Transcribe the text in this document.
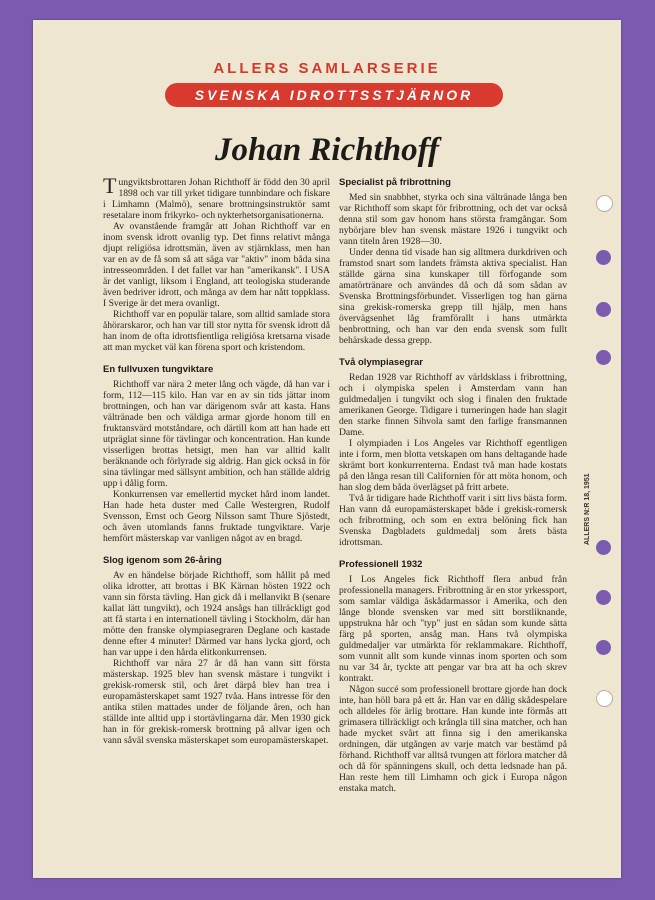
ALLERS SAMLARSERIE
SVENSKA IDROTTSSTJÄRNOR
Johan Richthoff

Tungviktsbrottaren Johan Richthoff är född den 30 april 1898 och var till yrket tidigare tunnbindare och fiskare i Limhamn (Malmö), senare brottningsinstruktör samt resetalare inom frikyrko- och nykterhetsorganisationerna.

Av ovanstående framgår att Johan Richthoff var en inom svensk idrott ovanlig typ. Det finns relativt många djupt religiösa idrottsmän, även av stjärnklass, men han var en av de få som så att säga var "aktiv" inom båda sina intresseområden. I det fallet var han "amerikansk". I USA är det vanligt, liksom i England, att teologiska studerande även bedriver idrott, och många av dem har nått toppklass. I Sverige är det mera ovanligt.

Richthoff var en populär talare, som alltid samlade stora åhörarskaror, och han var till stor nytta för svensk idrott då han inom de ofta idrottsfientliga religiösa kretsarna visade att man mycket väl kan förena sport och kristendom.

En fullvuxen tungviktare

Richthoff var nära 2 meter lång och vägde, då han var i form, 112—115 kilo. Han var en av sin tids jättar inom brottningen, och han var därigenom svår att kasta. Hans vältränade ben och väldiga armar gjorde honom till en fruktansvärd motståndare, och därtill kom att han hade ett utpräglat sinne för tävlingar och koncentration. Han kunde visserligen brottas hetsigt, men han var alltid kallt beräknande och förlyrade sig aldrig. Han gick också in för sina tävlingar med sällsynt ambition, och han ställde aldrig upp i dålig form.

Konkurrensen var emellertid mycket hård inom landet. Han hade heta duster med Calle Westergren, Rudolf Svensson, Ernst och Georg Nilsson samt Thure Sjöstedt, och även utomlands fanns fruktade tungviktare. Varje hemfört mästerskap var vanligen något av en bragd.

Slog igenom som 26-åring

Av en händelse började Richthoff, som hållit på med olika idrotter, att brottas i BK Kärnan hösten 1922 och vann sin första tävling. Han gick då i mellanvikt B (senare kallat lätt tungvikt), och 1924 ansågs han tillräckligt god att få starta i en internationell tävling i Stockholm, där han mötte den franske olympiasegraren Deglane och kastade denne efter 4 minuter! Därmed var hans lycka gjord, och han var uppe i den hårda elitkonkurrensen.

Richthoff var nära 27 år då han vann sitt första mästerskap. 1925 blev han svensk mästare i tungvikt i grekisk-romersk stil, och året därpå blev han trea i europamästerskapet samt 1927 tvåa. Hans intresse för den antika stilen mattades under de följande åren, och han ställde inte alltid upp i stortävlingarna där. Men 1930 gick han in för grekisk-romersk brottning på allvar igen och vann såväl svenska mästerskapet som europamästerskapet.

Specialist på fribrottning

Med sin snabbhet, styrka och sina vältränade långa ben var Richthoff som skapt för fribrottning, och det var också denna stil som gav honom hans största framgångar. Som nybörjare blev han svensk mästare 1926 i tungvikt och vann titeln åren 1928—30.

Under denna tid visade han sig alltmera durkdriven och framstod snart som landets främsta aktiva specialist. Han ställde gärna sina kunskaper till förfogande som amatörtränare och användes då och då som sådan av Svenska Brottningsförbundet. Visserligen tog han gärna sina grekisk-romerska grepp till hjälp, men hans övervägsenhet låg framförallt i hans utmärkta benbrottning, och han var den enda svensk som fullt behärskade dessa grepp.

Två olympiasegrar

Redan 1928 var Richthoff av världsklass i fribrottning, och i olympiska spelen i Amsterdam vann han guldmedaljen i tungvikt och slog i finalen den fruktade amerikanen George. Tidigare i turneringen hade han slagit den starke finnen Sihvola samt den farlige fransmannen Dame.

I olympiaden i Los Angeles var Richthoff egentligen inte i form, men blotta vetskapen om hans deltagande hade skrämt bort konkurrenterna. Endast två man hade kostats på den långa resan till Californien för att möta honom, och han slog dem båda överlägset på fritt arbete.

Två år tidigare hade Richthoff varit i sitt livs bästa form. Han vann då europamästerskapet både i grekisk-romersk och fribrottning, och som en extra belöning fick han Svenska Dagbladets guldmedalj som årets bästa idrottsman.

Professionell 1932

I Los Angeles fick Richthoff flera anbud från professionella managers. Fribrottning är en stor yrkessport, som samlar väldiga åskådarmassor i Amerika, och den långe blonde svensken var med sitt borstliknande, uppstrukna hår och "typ" just en sådan som kunde sätta färg på sporten, ansåg man. Hans två olympiska guldmedaljer var utmärkta för reklammakare. Richthoff, som vunnit allt som kunde vinnas inom sporten och som nu var 34 år, tyckte att pengar var bra att ha och skrev kontrakt.

Någon succé som professionell brottare gjorde han dock inte, han höll bara på ett år. Han var en dålig skådespelare och alldeles för ärlig brottare. Han kunde inte förmås att grimasera tillräckligt och krångla till sina matcher, och han hade mycket svårt att finna sig i den amerikanska ordningen, där utgången av varje match var bestämd på förhand. Richthoff var alltså tvungen att förlora matcher då och då för spänningens skull, och detta ledsnade han på. Han reste hem till Limhamn och gick i Europa någon enstaka match.

ALLERS N:R 18, 1951
